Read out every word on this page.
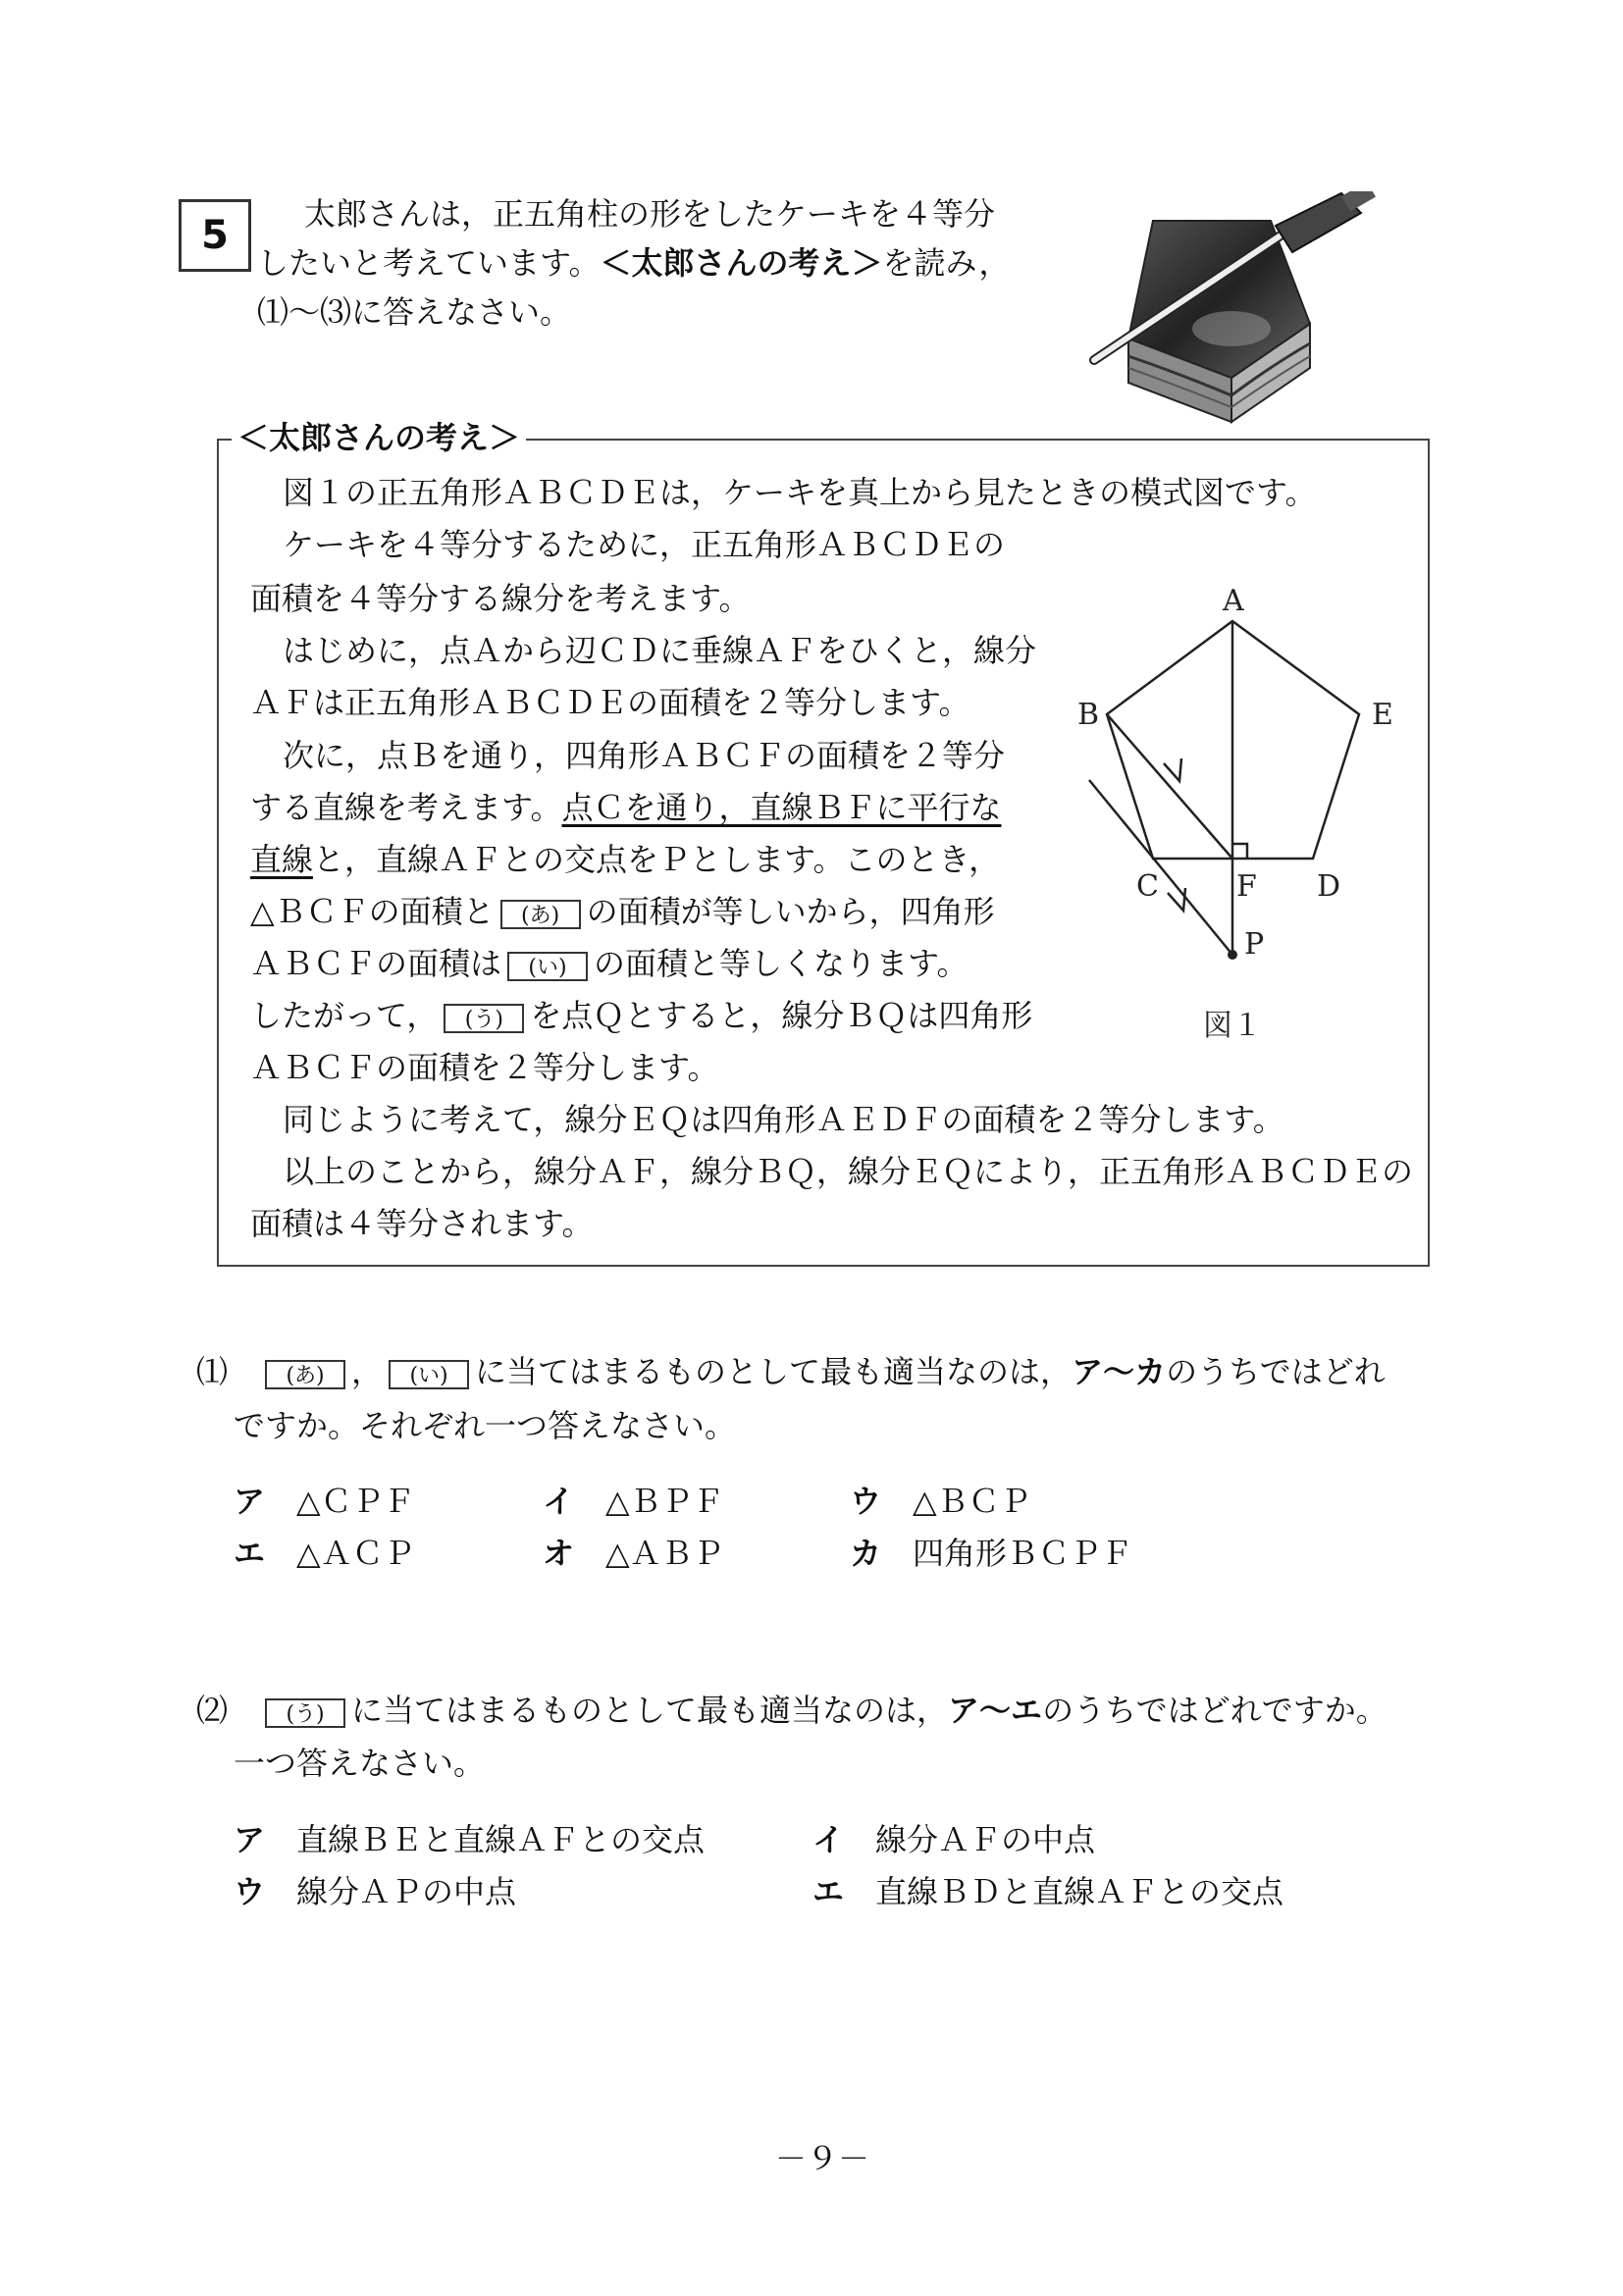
5	太郎さんは，正五角柱の形をしたケーキを４等分
したいと考えています。＜太郎さんの考え＞を読み，
⑴～⑶に答えなさい。
＜太郎さんの考え＞
図１の正五角形ＡＢＣＤＥは，ケーキを真上から見たときの模式図です。
ケーキを４等分するために，正五角形ＡＢＣＤＥの
面積を４等分する線分を考えます。
はじめに，点Ａから辺ＣＤに垂線ＡＦをひくと，線分
ＡＦは正五角形ＡＢＣＤＥの面積を２等分します。
次に，点Ｂを通り，四角形ＡＢＣＦの面積を２等分
する直線を考えます。点Ｃを通り，直線ＢＦに平行な
直線と，直線ＡＦとの交点をＰとします。このとき，
△ＢＣＦの面積と (あ) の面積が等しいから，四角形
ＡＢＣＦの面積は (い) の面積と等しくなります。
したがって， (う) を点Ｑとすると，線分ＢＱは四角形
ＡＢＣＦの面積を２等分します。
同じように考えて，線分ＥＱは四角形ＡＥＤＦの面積を２等分します。
以上のことから，線分ＡＦ，線分ＢＱ，線分ＥＱにより，正五角形ＡＢＣＤＥの
面積は４等分されます。
A
B	E
C	F D
P
図１
⑴　	(あ) ， (い) に当てはまるものとして最も適当なのは，ア～カのうちではどれ
ですか。それぞれ一つ答えなさい。
ア　 △ＣＰＦ	イ　 △ＢＰＦ	ウ　 △ＢＣＰ
エ　 △ＡＣＰ	オ　 △ＡＢＰ	カ　 四角形ＢＣＰＦ
⑵　	(う) に当てはまるものとして最も適当なのは，ア～エのうちではどれですか。
一つ答えなさい。
ア　 直線ＢＥと直線ＡＦとの交点	イ　 線分ＡＦの中点
ウ　 線分ＡＰの中点	エ　 直線ＢＤと直線ＡＦとの交点
－９－
